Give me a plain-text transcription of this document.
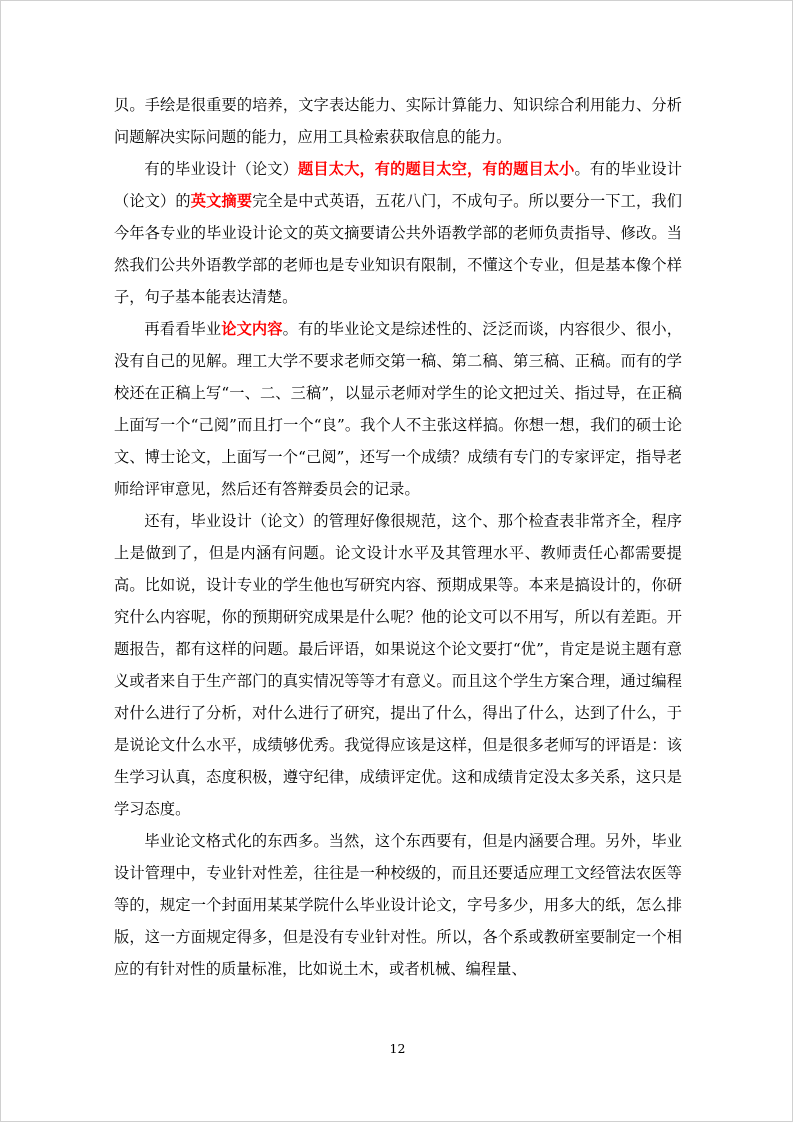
贝。手绘是很重要的培养，文字表达能力、实际计算能力、知识综合利用能力、分析问题解决实际问题的能力，应用工具检索获取信息的能力。

有的毕业设计（论文）题目太大，有的题目太空，有的题目太小。有的毕业设计（论文）的英文摘要完全是中式英语，五花八门，不成句子。所以要分一下工，我们今年各专业的毕业设计论文的英文摘要请公共外语教学部的老师负责指导、修改。当然我们公共外语教学部的老师也是专业知识有限制，不懂这个专业，但是基本像个样子，句子基本能表达清楚。

再看看毕业论文内容。有的毕业论文是综述性的、泛泛而谈，内容很少、很小，没有自己的见解。理工大学不要求老师交第一稿、第二稿、第三稿、正稿。而有的学校还在正稿上写“一、二、三稿”，以显示老师对学生的论文把过关、指过导，在正稿上面写一个“己阅”而且打一个“良”。我个人不主张这样搞。你想一想，我们的硕士论文、博士论文，上面写一个“己阅”，还写一个成绩？成绩有专门的专家评定，指导老师给评审意见，然后还有答辩委员会的记录。

还有，毕业设计（论文）的管理好像很规范，这个、那个检查表非常齐全，程序上是做到了，但是内涵有问题。论文设计水平及其管理水平、教师责任心都需要提高。比如说，设计专业的学生他也写研究内容、预期成果等。本来是搞设计的，你研究什么内容呢，你的预期研究成果是什么呢？他的论文可以不用写，所以有差距。开题报告，都有这样的问题。最后评语，如果说这个论文要打“优”，肯定是说主题有意义或者来自于生产部门的真实情况等等才有意义。而且这个学生方案合理，通过编程对什么进行了分析，对什么进行了研究，提出了什么，得出了什么，达到了什么，于是说论文什么水平，成绩够优秀。我觉得应该是这样，但是很多老师写的评语是：该生学习认真，态度积极，遵守纪律，成绩评定优。这和成绩肯定没太多关系，这只是学习态度。

毕业论文格式化的东西多。当然，这个东西要有，但是内涵要合理。另外，毕业设计管理中，专业针对性差，往往是一种校级的，而且还要适应理工文经管法农医等等的，规定一个封面用某某学院什么毕业设计论文，字号多少，用多大的纸，怎么排版，这一方面规定得多，但是没有专业针对性。所以，各个系或教研室要制定一个相应的有针对性的质量标准，比如说土木，或者机械、编程量、

12
